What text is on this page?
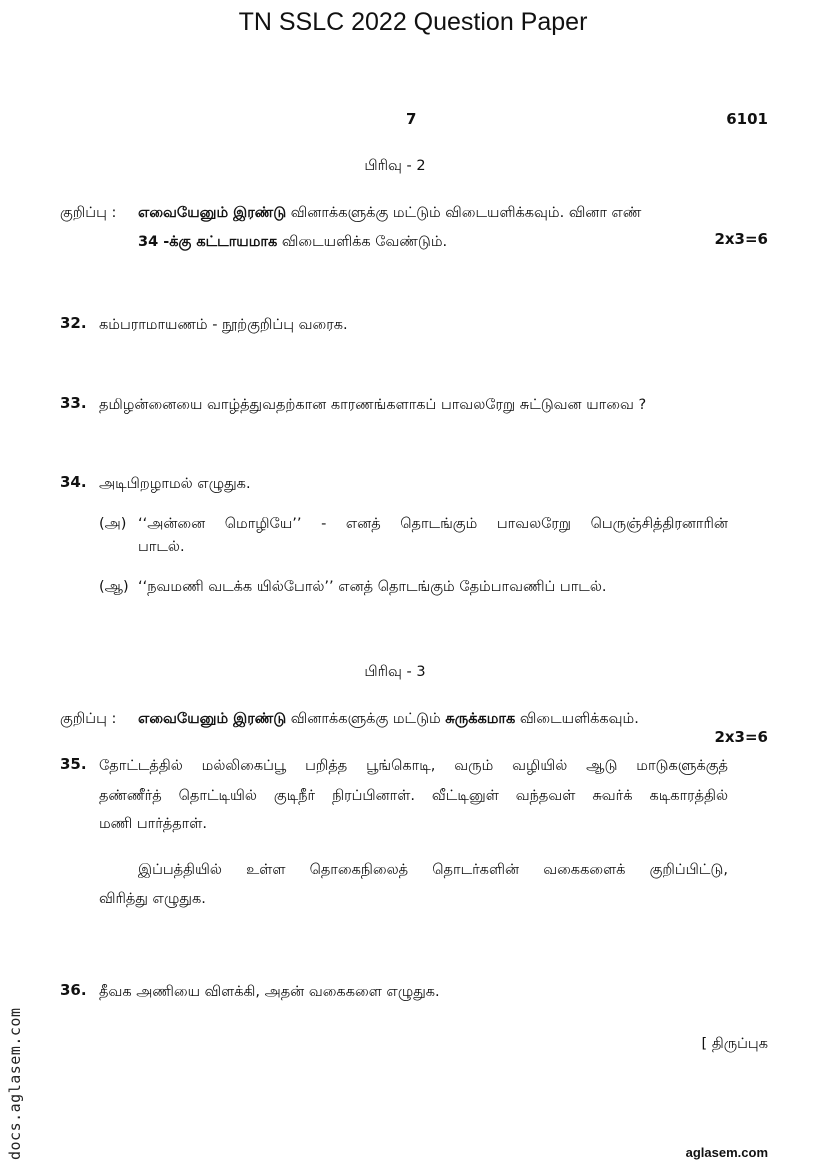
TN SSLC 2022 Question Paper
7	6101
பிரிவு - 2
குறிப்பு : எவையேனும் இரண்டு வினாக்களுக்கு மட்டும் விடையளிக்கவும். வினா எண்
34 -க்கு கட்டாயமாக விடையளிக்க வேண்டும்.	2x3=6
32. கம்பராமாயணம் - நூற்குறிப்பு வரைக.
33. தமிழன்னையை வாழ்த்துவதற்கான காரணங்களாகப் பாவலரேறு சுட்டுவன யாவை ?
34. அடிபிறழாமல் எழுதுக.
(அ) ‘‘அன்னை மொழியே’’ - எனத் தொடங்கும் பாவலரேறு பெருஞ்சித்திரனாரின்
பாடல்.
(ஆ) ‘‘நவமணி வடக்க யில்போல்’’ எனத் தொடங்கும் தேம்பாவணிப் பாடல்.
பிரிவு - 3
குறிப்பு : எவையேனும் இரண்டு வினாக்களுக்கு மட்டும் சுருக்கமாக விடையளிக்கவும்.
2x3=6
35. தோட்டத்தில் மல்லிகைப்பூ பறித்த பூங்கொடி, வரும் வழியில் ஆடு மாடுகளுக்குத்
தண்ணீர்த் தொட்டியில் குடிநீர் நிரப்பினாள். வீட்டினுள் வந்தவள் சுவர்க் கடிகாரத்தில்
மணி பார்த்தாள்.
இப்பத்தியில் உள்ள தொகைநிலைத் தொடர்களின் வகைகளைக் குறிப்பிட்டு,
விரித்து எழுதுக.
36. தீவக அணியை விளக்கி, அதன் வகைகளை எழுதுக.
[ திருப்புக
docs.aglasem.com	aglasem.com
